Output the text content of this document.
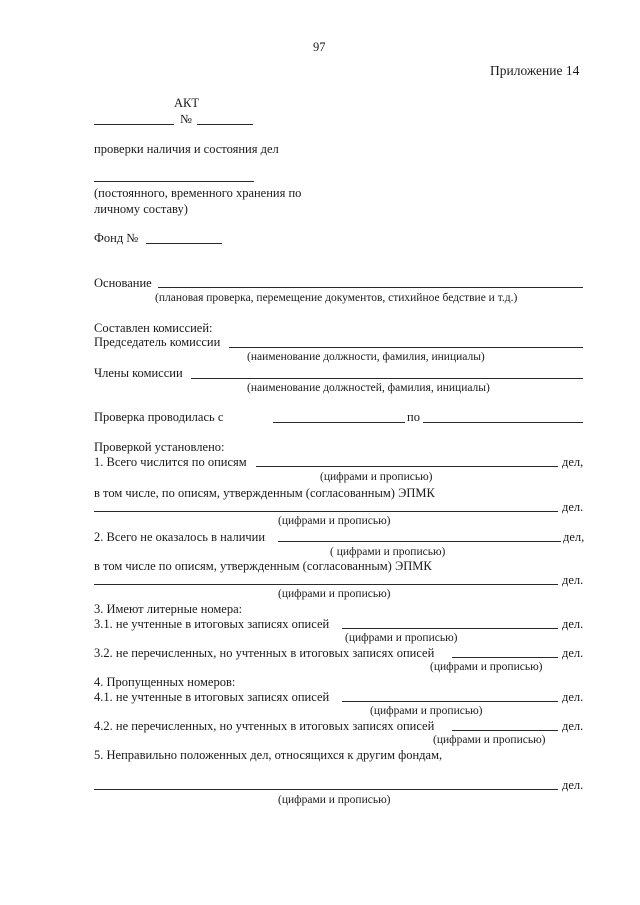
97
Приложение 14
АКТ
№
проверки наличия и состояния дел
(постоянного, временного хранения по
личному составу)
Фонд №
Основание
(плановая проверка, перемещение документов, стихийное бедствие и т.д.)
Составлен комиссией:
Председатель комиссии
(наименование должности, фамилия, инициалы)
Члены комиссии
(наименование должностей, фамилия, инициалы)
Проверка проводилась с	по
Проверкой установлено:
1. Всего числится по описям	дел,
(цифрами и прописью)
в том числе, по описям, утвержденным (согласованным) ЭПМК
дел.
(цифрами и прописью)
2. Всего не оказалось в наличии	дел,
( цифрами и прописью)
в том числе по описям, утвержденным (согласованным) ЭПМК
дел.
(цифрами и прописью)
3. Имеют литерные номера:
3.1. не учтенные в итоговых записях описей	дел.
(цифрами и прописью)
3.2. не перечисленных, но учтенных в итоговых записях описей	дел.
(цифрами и прописью)
4. Пропущенных номеров:
4.1. не учтенные в итоговых записях описей	дел.
(цифрами и прописью)
4.2. не перечисленных, но учтенных в итоговых записях описей	дел.
(цифрами и прописью)
5. Неправильно положенных дел, относящихся к другим фондам,
дел.
(цифрами и прописью)
